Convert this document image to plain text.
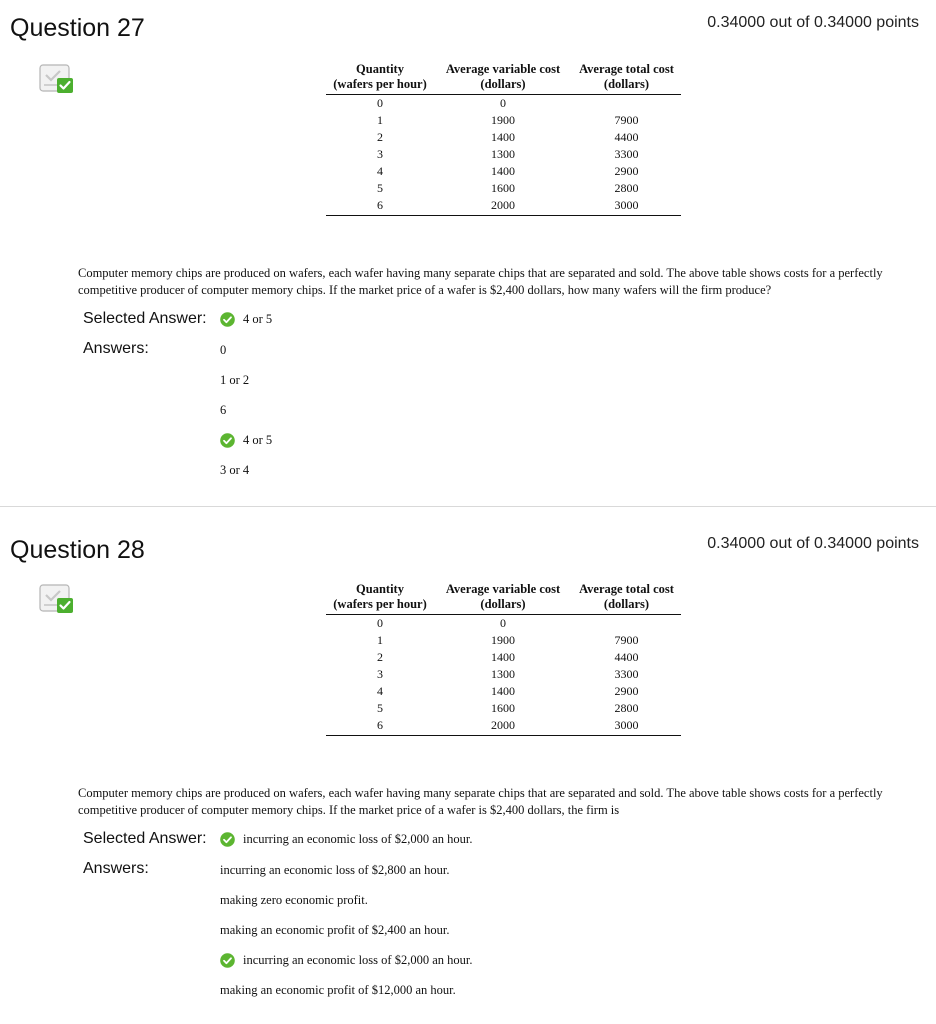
Question 27	0.34000 out of 0.34000 points
Quantity	Average variable cost	Average total cost
(wafers per hour)	(dollars)	(dollars)
0	0	
1	1900	7900
2	1400	4400
3	1300	3300
4	1400	2900
5	1600	2800
6	2000	3000
Computer memory chips are produced on wafers, each wafer having many separate chips that are separated and sold. The above table shows costs for a perfectly competitive producer of computer memory chips. If the market price of a wafer is $2,400 dollars, how many wafers will the firm produce?
Selected Answer:	4 or 5
Answers:	0
1 or 2
6
4 or 5
3 or 4
Question 28	0.34000 out of 0.34000 points
Quantity	Average variable cost	Average total cost
(wafers per hour)	(dollars)	(dollars)
0	0	
1	1900	7900
2	1400	4400
3	1300	3300
4	1400	2900
5	1600	2800
6	2000	3000
Computer memory chips are produced on wafers, each wafer having many separate chips that are separated and sold. The above table shows costs for a perfectly competitive producer of computer memory chips. If the market price of a wafer is $2,400 dollars, the firm is
Selected Answer:	incurring an economic loss of $2,000 an hour.
Answers:	incurring an economic loss of $2,800 an hour.
making zero economic profit.
making an economic profit of $2,400 an hour.
incurring an economic loss of $2,000 an hour.
making an economic profit of $12,000 an hour.
